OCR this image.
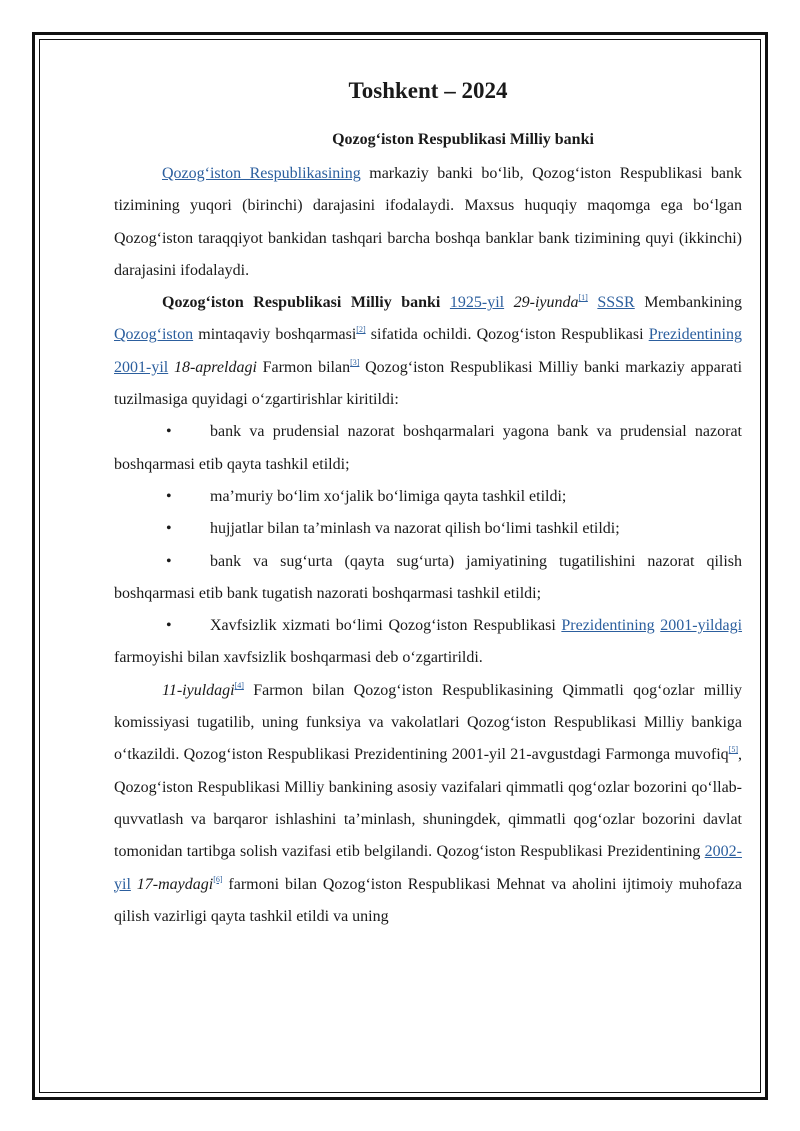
Toshkent – 2024
Qozog‘iston Respublikasi Milliy banki

Qozog‘iston Respublikasining markaziy banki bo‘lib, Qozog‘iston Respublikasi bank tizimining yuqori (birinchi) darajasini ifodalaydi. Maxsus huquqiy maqomga ega bo‘lgan Qozog‘iston taraqqiyot bankidan tashqari barcha boshqa banklar bank tizimining quyi (ikkinchi) darajasini ifodalaydi.

Qozog‘iston Respublikasi Milliy banki 1925-yil 29-iyunda[1] SSSR Membankining Qozog‘iston mintaqaviy boshqarmasi[2] sifatida ochildi. Qozog‘iston Respublikasi Prezidentining 2001-yil 18-apreldagi Farmon bilan[3] Qozog‘iston Respublikasi Milliy banki markaziy apparati tuzilmasiga quyidagi o‘zgartirishlar kiritildi:

• bank va prudensial nazorat boshqarmalari yagona bank va prudensial nazorat boshqarmasi etib qayta tashkil etildi;

• ma’muriy bo‘lim xo‘jalik bo‘limiga qayta tashkil etildi;

• hujjatlar bilan ta’minlash va nazorat qilish bo‘limi tashkil etildi;

• bank va sug‘urta (qayta sug‘urta) jamiyatining tugatilishini nazorat qilish boshqarmasi etib bank tugatish nazorati boshqarmasi tashkil etildi;

• Xavfsizlik xizmati bo‘limi Qozog‘iston Respublikasi Prezidentining 2001-yildagi farmoyishi bilan xavfsizlik boshqarmasi deb o‘zgartirildi.

11-iyuldagi[4] Farmon bilan Qozog‘iston Respublikasining Qimmatli qog‘ozlar milliy komissiyasi tugatilib, uning funksiya va vakolatlari Qozog‘iston Respublikasi Milliy bankiga o‘tkazildi. Qozog‘iston Respublikasi Prezidentining 2001-yil 21-avgustdagi Farmonga muvofiq[5], Qozog‘iston Respublikasi Milliy bankining asosiy vazifalari qimmatli qog‘ozlar bozorini qo‘llab-quvvatlash va barqaror ishlashini ta’minlash, shuningdek, qimmatli qog‘ozlar bozorini davlat tomonidan tartibga solish vazifasi etib belgilandi. Qozog‘iston Respublikasi Prezidentining 2002-yil 17-maydagi[6] farmoni bilan Qozog‘iston Respublikasi Mehnat va aholini ijtimoiy muhofaza qilish vazirligi qayta tashkil etildi va uning
